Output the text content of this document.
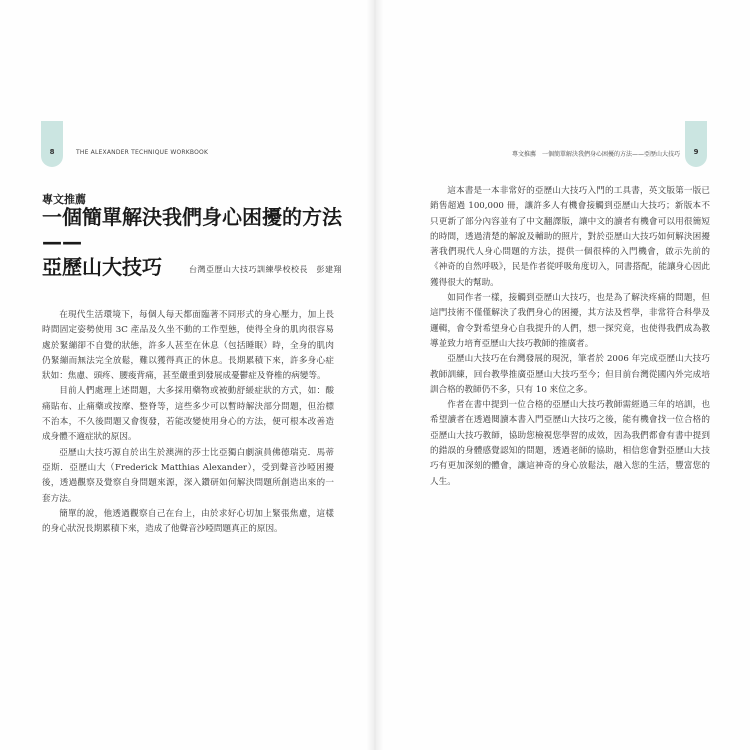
8	THE ALEXANDER TECHNIQUE WORKBOOK
專文推薦
一個簡單解決我們身心困擾的方法——
亞歷山大技巧	台灣亞歷山大技巧訓練學校校長　彭建翔

在現代生活環境下，每個人每天都面臨著不同形式的身心壓力，加上長時間固定姿勢使用 3C 產品及久坐不動的工作型態，使得全身的肌肉很容易處於緊繃卻不自覺的狀態，許多人甚至在休息（包括睡眠）時，全身的肌肉仍緊繃而無法完全放鬆，難以獲得真正的休息。長期累積下來，許多身心症狀如：焦慮、頭疼、腰痠背痛，甚至嚴重到發展成憂鬱症及脊椎的病變等。

目前人們處理上述問題，大多採用藥物或被動舒緩症狀的方式，如：酸痛貼布、止痛藥或按摩、整脊等，這些多少可以暫時解決部分問題，但治標不治本，不久後問題又會復發，若能改變使用身心的方法，便可根本改善造成身體不適症狀的原因。

亞歷山大技巧源自於出生於澳洲的莎士比亞獨白劇演員佛德瑞克．馬蒂亞斯．亞歷山大（Frederick Matthias Alexander），受到聲音沙啞困擾後，透過觀察及覺察自身問題來源，深入鑽研如何解決問題所創造出來的一套方法。

簡單的說，他透過觀察自己在台上，由於求好心切加上緊張焦慮，這樣的身心狀況長期累積下來，造成了他聲音沙啞問題真正的原因。

9
專文推薦　一個簡單解決我們身心困擾的方法——亞歷山大技巧

這本書是一本非常好的亞歷山大技巧入門的工具書，英文版第一版已銷售超過 100,000 冊，讓許多人有機會接觸到亞歷山大技巧；新版本不只更新了部分內容並有了中文翻譯版，讓中文的讀者有機會可以用很簡短的時間，透過清楚的解說及輔助的照片，對於亞歷山大技巧如何解決困擾著我們現代人身心問題的方法，提供一個很棒的入門機會，啟示先前的《神奇的自然呼吸》，民是作者從呼吸角度切入，同書搭配，能讓身心因此獲得很大的幫助。

如同作者一樣，接觸到亞歷山大技巧，也是為了解決疼痛的問題，但這門技術不僅僅解決了我們身心的困擾，其方法及哲學，非常符合科學及邏輯，會令對希望身心自我提升的人們，想一探究竟，也使得我們成為教導並致力培育亞歷山大技巧教師的推廣者。

亞歷山大技巧在台灣發展的現況，筆者於 2006 年完成亞歷山大技巧教師訓練，回台教學推廣亞歷山大技巧至今；但目前台灣從國內外完成培訓合格的教師仍不多，只有 10 來位之多。

作者在書中提到一位合格的亞歷山大技巧教師需經過三年的培訓，也希望讀者在透過閱讀本書入門亞歷山大技巧之後，能有機會找一位合格的亞歷山大技巧教師，協助您檢視您學習的成效，因為我們都會有書中提到的錯誤的身體感覺認知的問題，透過老師的協助，相信您會對亞歷山大技巧有更加深刻的體會，讓這神奇的身心放鬆法，融入您的生活，豐富您的人生。
